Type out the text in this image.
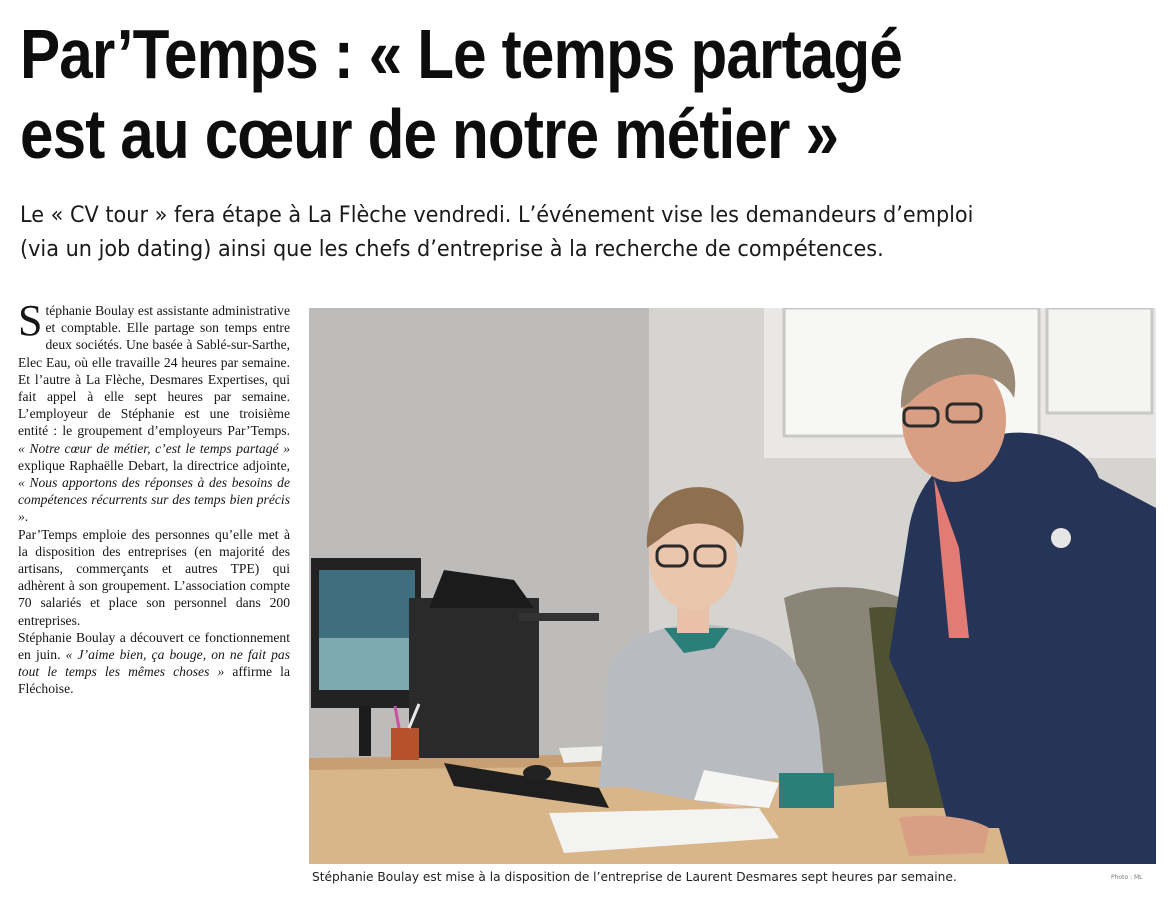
Par’Temps : « Le temps partagé
est au cœur de notre métier »

Le « CV tour » fera étape à La Flèche vendredi. L’événement vise les demandeurs d’emploi
(via un job dating) ainsi que les chefs d’entreprise à la recherche de compétences.

Stéphanie Boulay est assistante administrative et comptable. Elle partage son temps entre deux sociétés. Une basée à Sablé-sur-Sarthe, Elec Eau, où elle travaille 24 heures par semaine. Et l’autre à La Flèche, Desmares Expertises, qui fait appel à elle sept heures par semaine. L’employeur de Stéphanie est une troisième entité : le groupement d’employeurs Par’Temps. « Notre cœur de métier, c’est le temps partagé » explique Raphaëlle Debart, la directrice adjointe, « Nous apportons des réponses à des besoins de compétences récurrents sur des temps bien précis ».

Par’Temps emploie des personnes qu’elle met à la disposition des entreprises (en majorité des artisans, commerçants et autres TPE) qui adhèrent à son groupement. L’association compte 70 salariés et place son personnel dans 200 entreprises.

Stéphanie Boulay a découvert ce fonctionnement en juin. « J’aime bien, ça bouge, on ne fait pas tout le temps les mêmes choses » affirme la Fléchoise.

Stéphanie Boulay est mise à la disposition de l’entreprise de Laurent Desmares sept heures par semaine.	Photo : ML
